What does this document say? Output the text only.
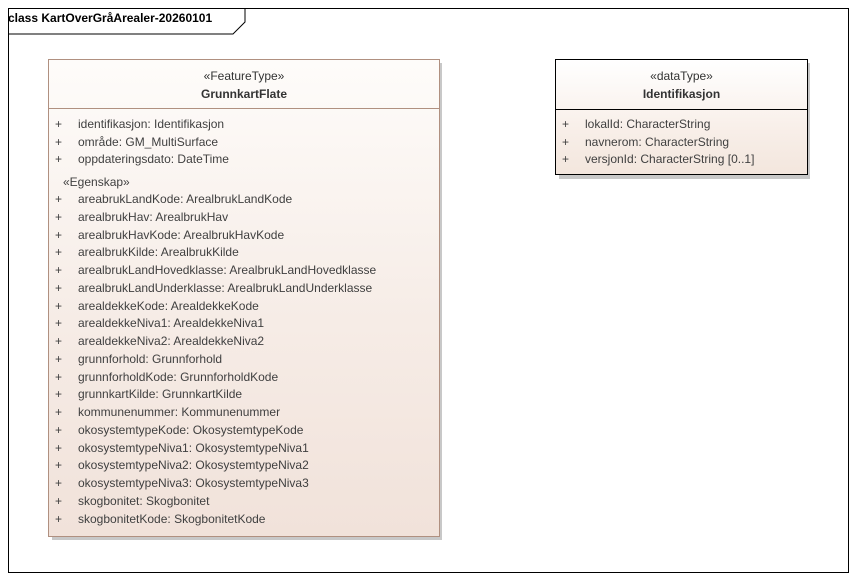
class KartOverGråArealer-20260101
«FeatureType»
GrunnkartFlate
+ identifikasjon: Identifikasjon
+ område: GM_MultiSurface
+ oppdateringsdato: DateTime
«Egenskap»
+ areabrukLandKode: ArealbrukLandKode
+ arealbrukHav: ArealbrukHav
+ arealbrukHavKode: ArealbrukHavKode
+ arealbrukKilde: ArealbrukKilde
+ arealbrukLandHovedklasse: ArealbrukLandHovedklasse
+ arealbrukLandUnderklasse: ArealbrukLandUnderklasse
+ arealdekkeKode: ArealdekkeKode
+ arealdekkeNiva1: ArealdekkeNiva1
+ arealdekkeNiva2: ArealdekkeNiva2
+ grunnforhold: Grunnforhold
+ grunnforholdKode: GrunnforholdKode
+ grunnkartKilde: GrunnkartKilde
+ kommunenummer: Kommunenummer
+ okosystemtypeKode: OkosystemtypeKode
+ okosystemtypeNiva1: OkosystemtypeNiva1
+ okosystemtypeNiva2: OkosystemtypeNiva2
+ okosystemtypeNiva3: OkosystemtypeNiva3
+ skogbonitet: Skogbonitet
+ skogbonitetKode: SkogbonitetKode
«dataType»
Identifikasjon
+ lokalId: CharacterString
+ navnerom: CharacterString
+ versjonId: CharacterString [0..1]
